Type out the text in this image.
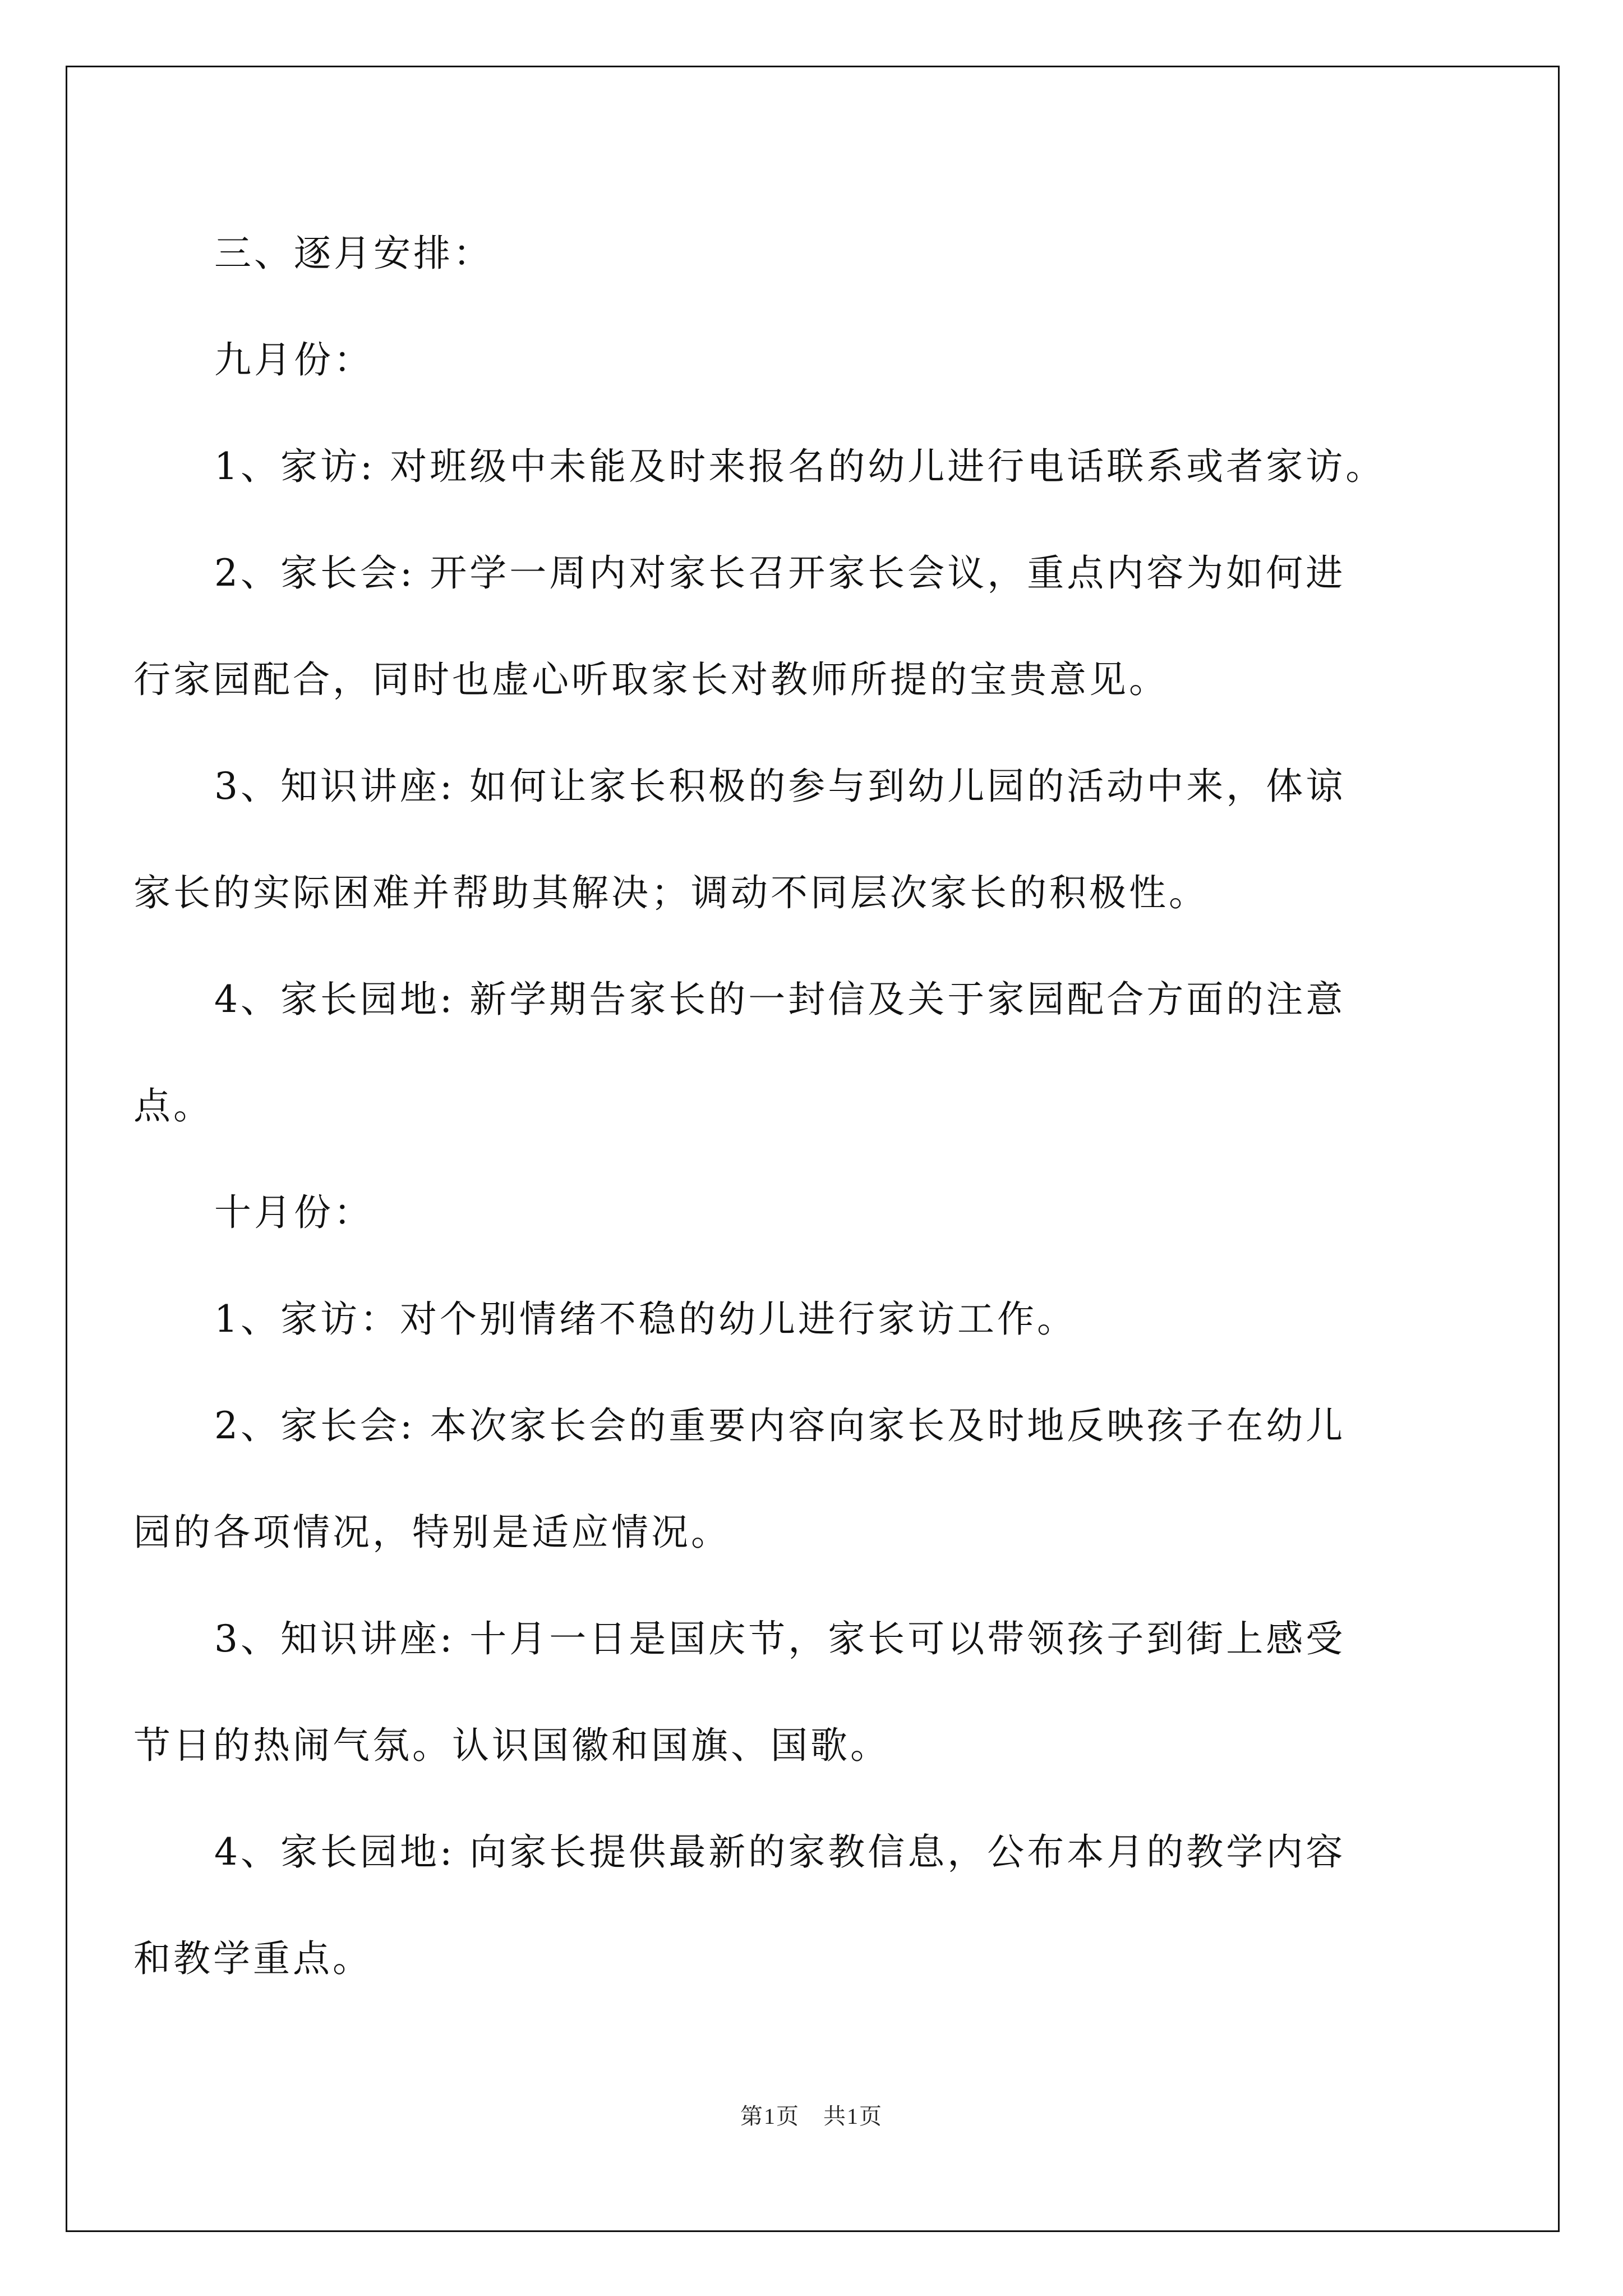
三、逐月安排：
九月份：
1、家访: 对班级中未能及时来报名的幼儿进行电话联系或者家访。
2、家长会: 开学一周内对家长召开家长会议，重点内容为如何进
行家园配合，同时也虚心听取家长对教师所提的宝贵意见。
3、知识讲座: 如何让家长积极的参与到幼儿园的活动中来，体谅
家长的实际困难并帮助其解决；调动不同层次家长的积极性。
4、家长园地: 新学期告家长的一封信及关于家园配合方面的注意
点。
十月份：
1、家访：对个别情绪不稳的幼儿进行家访工作。
2、家长会: 本次家长会的重要内容向家长及时地反映孩子在幼儿
园的各项情况，特别是适应情况。
3、知识讲座: 十月一日是国庆节，家长可以带领孩子到街上感受
节日的热闹气氛。认识国徽和国旗、国歌。
4、家长园地: 向家长提供最新的家教信息，公布本月的教学内容
和教学重点。
第1页　共1页
